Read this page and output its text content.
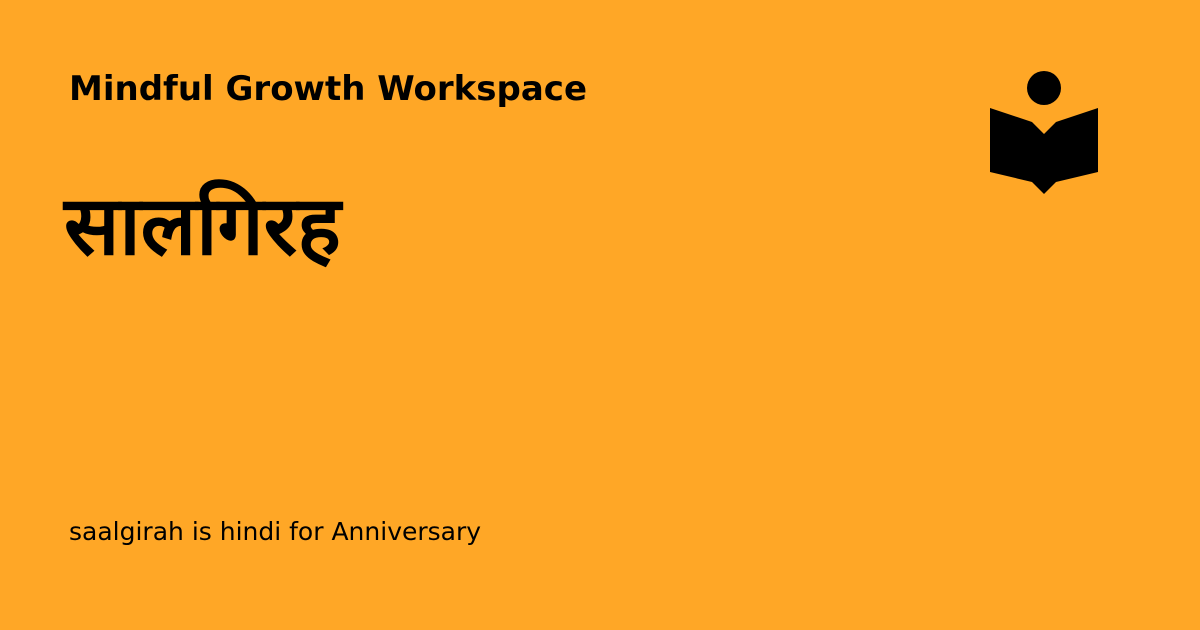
Mindful Growth Workspace
सालगिरह
saalgirah is hindi for Anniversary
